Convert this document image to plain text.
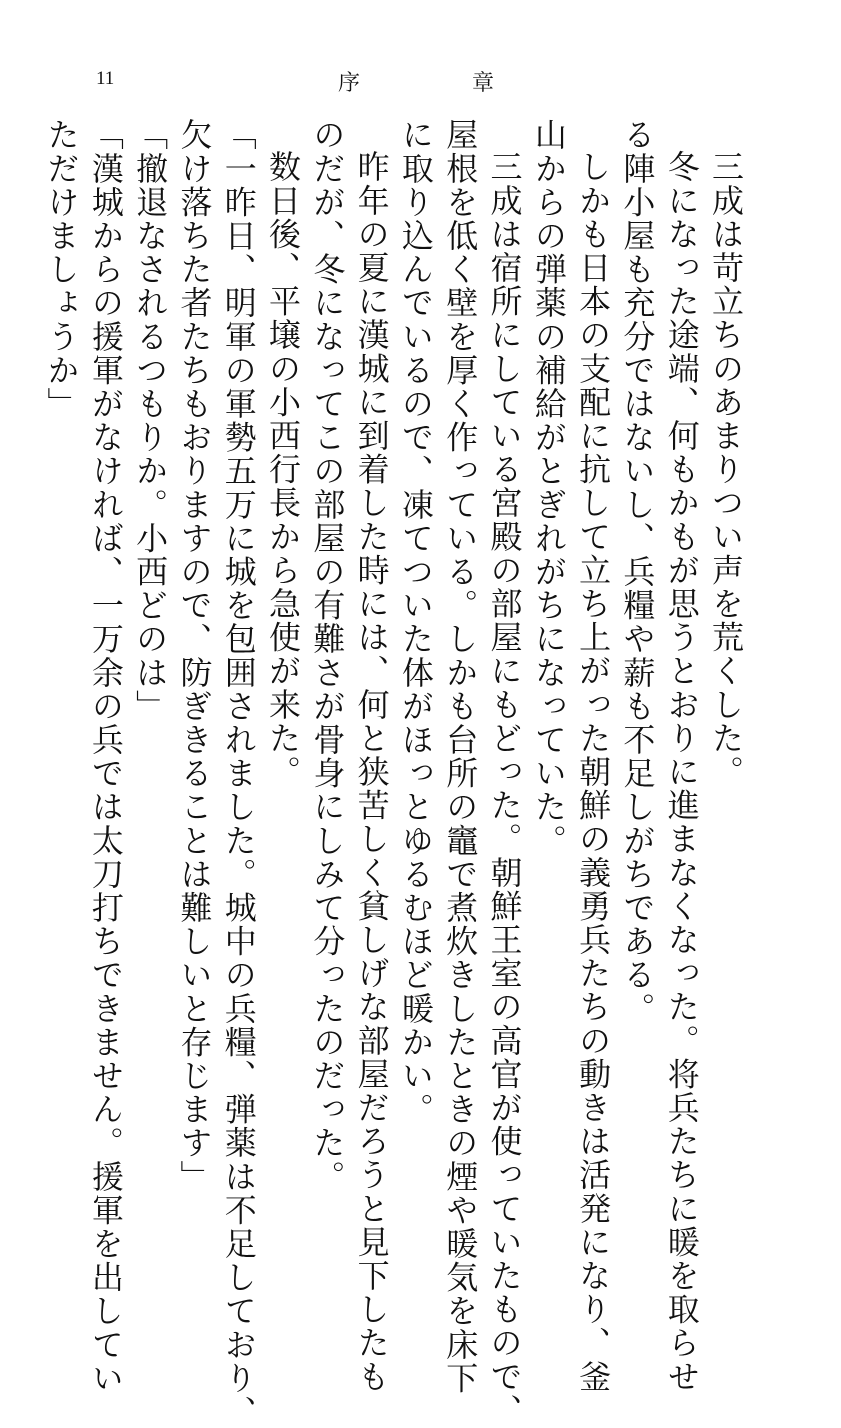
11	序	章
三成は苛立ちのあまりつい声を荒くした。
冬になった途端、何もかもが思うとおりに進まなくなった。将兵たちに暖を取らせ
る陣小屋も充分ではないし、兵糧や薪も不足しがちである。
しかも日本の支配に抗して立ち上がった朝鮮の義勇兵たちの動きは活発になり、釜
山からの弾薬の補給がとぎれがちになっていた。
三成は宿所にしている宮殿の部屋にもどった。朝鮮王室の高官が使っていたもので、
屋根を低く壁を厚く作っている。しかも台所の竈で煮炊きしたときの煙や暖気を床下
に取り込んでいるので、凍てついた体がほっとゆるむほど暖かい。
昨年の夏に漢城に到着した時には、何と狭苦しく貧しげな部屋だろうと見下したも
のだが、冬になってこの部屋の有難さが骨身にしみて分ったのだった。
数日後、平壌の小西行長から急使が来た。
「一昨日、明軍の軍勢五万に城を包囲されました。城中の兵糧、弾薬は不足しており、
欠け落ちた者たちもおりますので、防ぎきることは難しいと存じます」
「撤退なされるつもりか。小西どのは」
「漢城からの援軍がなければ、一万余の兵では太刀打ちできません。援軍を出してい
ただけましょうか」
